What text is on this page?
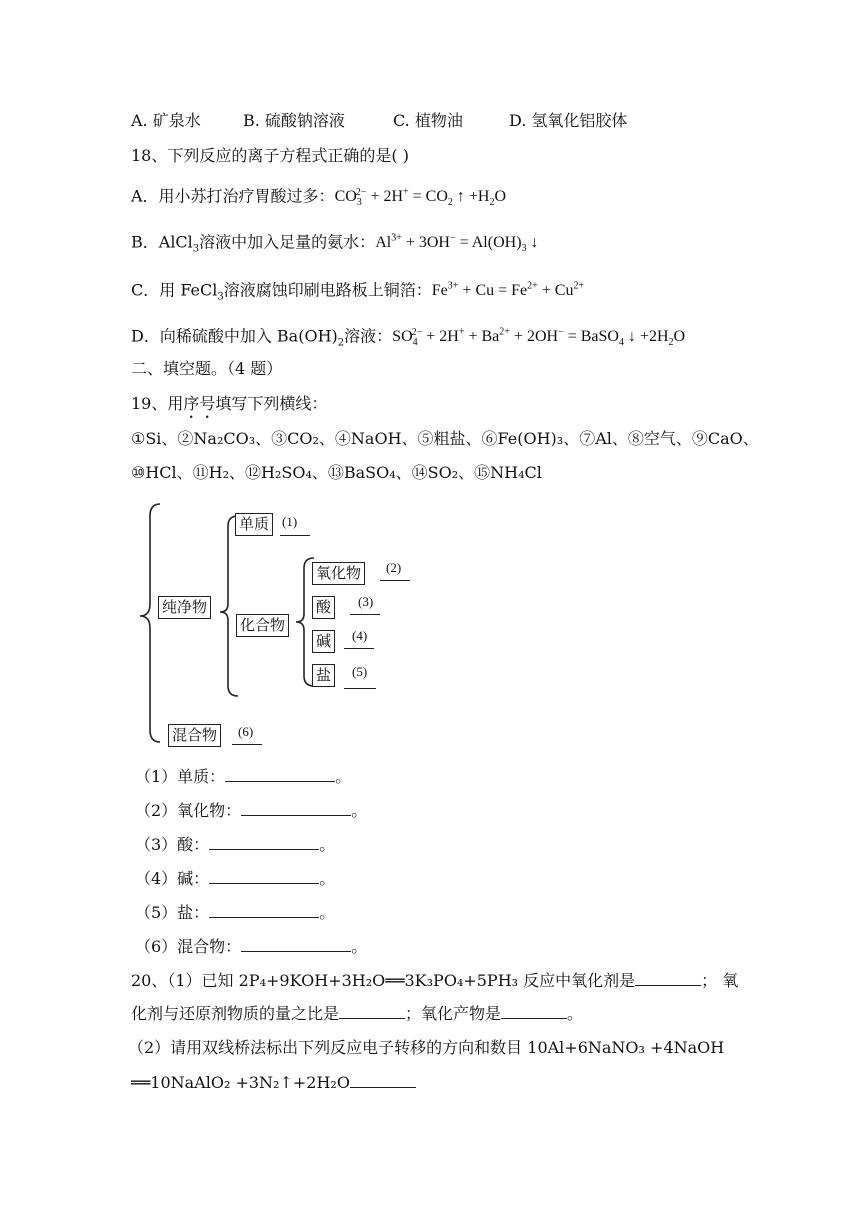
A. 矿泉水	B. 硫酸钠溶液	C. 植物油	D. 氢氧化铝胶体
18、下列反应的离子方程式正确的是( )
A．用小苏打治疗胃酸过多：$CO_3^{2-} + 2H^+ = CO_2$ ↑ $+H_2O$
B．AlCl$_3$溶液中加入足量的氨水：$Al^{3+} + 3OH^- = Al(OH)_3$ ↓
C．用 FeCl$_3$溶液腐蚀印刷电路板上铜箔：$Fe^{3+} + Cu = Fe^{2+} + Cu^{2+}$
D．向稀硫酸中加入 $Ba(OH)_2$溶液：$SO_4^{2-} + 2H^+ + Ba^{2+} + 2OH^-$ = BaSO$_4$ ↓ $+2H_2O$
二、填空题。（4 题）
19、用序号填写下列横线：
①Si、②Na₂CO₃、③CO₂、④NaOH、⑤粗盐、⑥Fe(OH)₃、⑦Al、⑧空气、⑨CaO、
⑩HCl、⑪H₂、⑫H₂SO₄、⑬BaSO₄、⑭SO₂、⑮NH₄Cl
纯净物
单质 (1)
化合物
氧化物	(2)
酸	(3)
碱	(4)
盐	(5)
混合物	(6)
（1）单质：	。
（2）氧化物：	。
（3）酸：	。
（4）碱：	。
（5）盐：	。
（6）混合物：	。
20、（1）已知 2P₄+9KOH+3H₂O══3K₃PO₄+5PH₃ 反应中氧化剂是	； 氧
化剂与还原剂物质的量之比是	；氧化产物是	。
（2）请用双线桥法标出下列反应电子转移的方向和数目 10Al+6NaNO₃ +4NaOH
══10NaAlO₂ +3N₂↑+2H₂O
